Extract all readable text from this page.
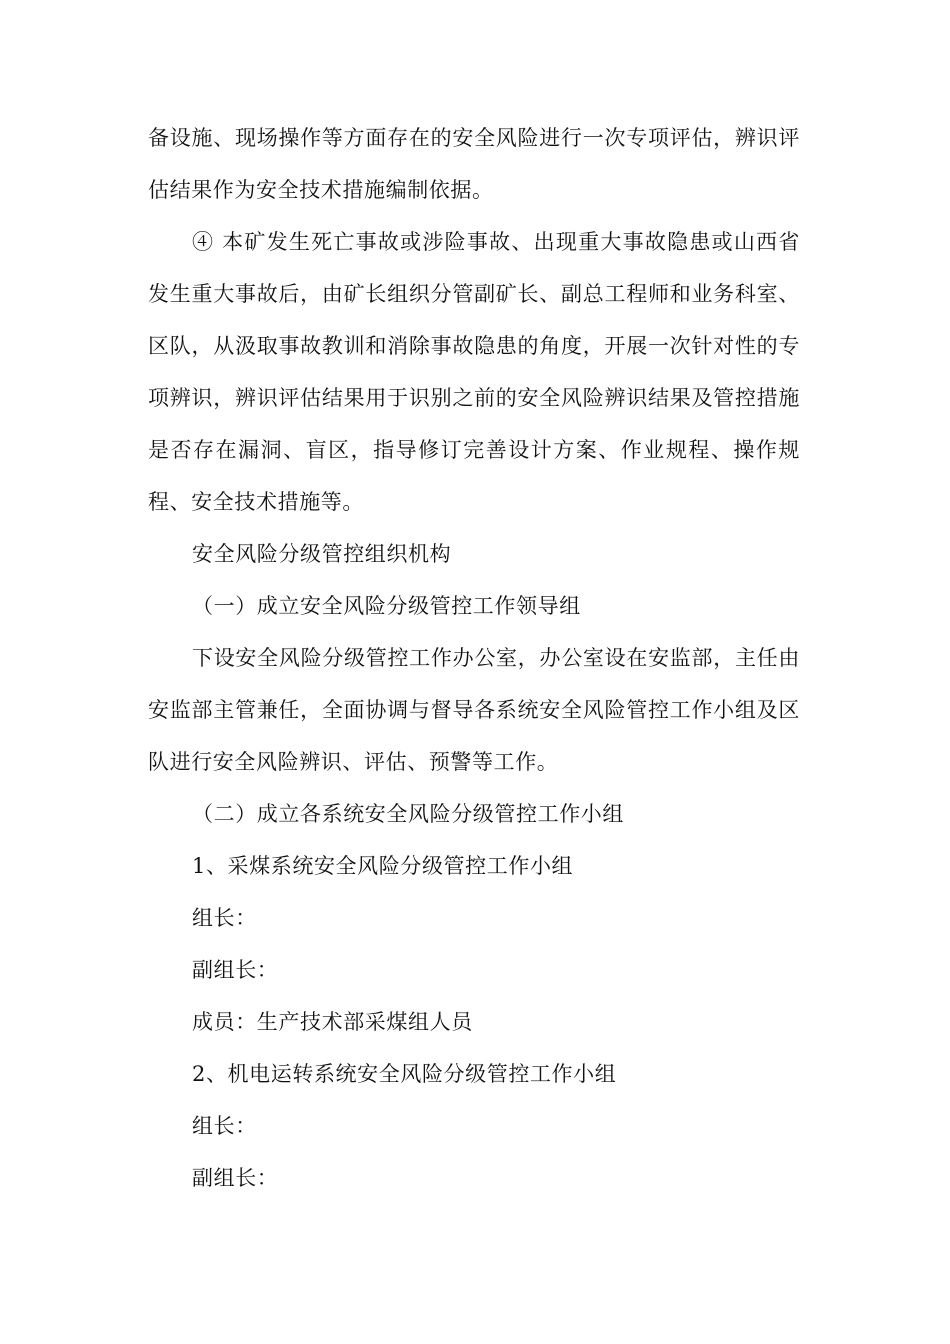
备设施、现场操作等方面存在的安全风险进行一次专项评估，辨识评估结果作为安全技术措施编制依据。

④ 本矿发生死亡事故或涉险事故、出现重大事故隐患或山西省发生重大事故后，由矿长组织分管副矿长、副总工程师和业务科室、区队，从汲取事故教训和消除事故隐患的角度，开展一次针对性的专项辨识，辨识评估结果用于识别之前的安全风险辨识结果及管控措施是否存在漏洞、盲区，指导修订完善设计方案、作业规程、操作规程、安全技术措施等。

安全风险分级管控组织机构

（一）成立安全风险分级管控工作领导组

下设安全风险分级管控工作办公室，办公室设在安监部，主任由安监部主管兼任，全面协调与督导各系统安全风险管控工作小组及区队进行安全风险辨识、评估、预警等工作。

（二）成立各系统安全风险分级管控工作小组

1、采煤系统安全风险分级管控工作小组

组长：

副组长：

成员：生产技术部采煤组人员

2、机电运转系统安全风险分级管控工作小组

组长：

副组长：
